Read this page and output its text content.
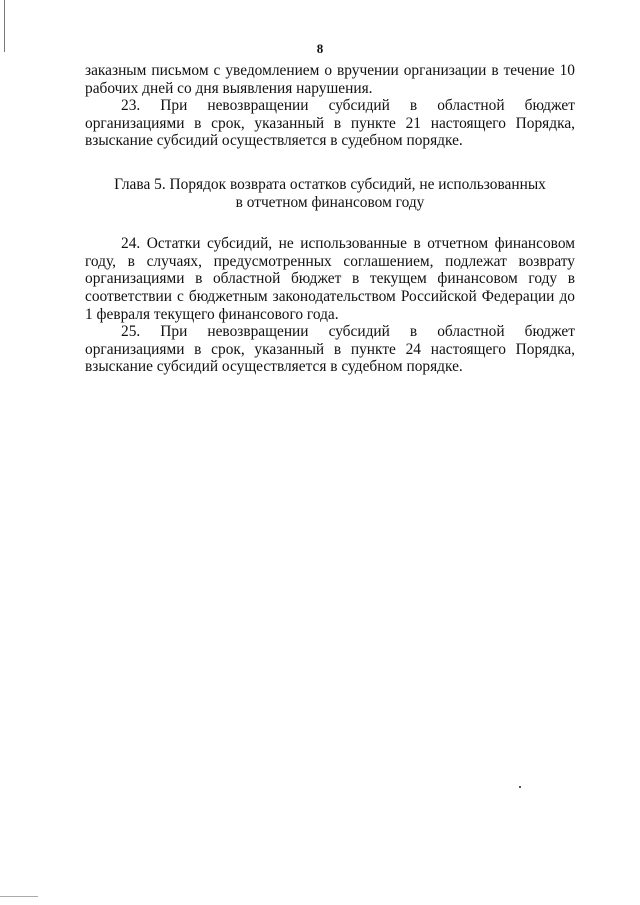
8

заказным письмом с уведомлением о вручении организации в течение 10 рабочих дней со дня выявления нарушения.

23. При невозвращении субсидий в областной бюджет организациями в срок, указанный в пункте 21 настоящего Порядка, взыскание субсидий осуществляется в судебном порядке.

Глава 5. Порядок возврата остатков субсидий, не использованных
в отчетном финансовом году

24. Остатки субсидий, не использованные в отчетном финансовом году, в случаях, предусмотренных соглашением, подлежат возврату организациями в областной бюджет в текущем финансовом году в соответствии с бюджетным законодательством Российской Федерации до 1 февраля текущего финансового года.

25. При невозвращении субсидий в областной бюджет организациями в срок, указанный в пункте 24 настоящего Порядка, взыскание субсидий осуществляется в судебном порядке.
